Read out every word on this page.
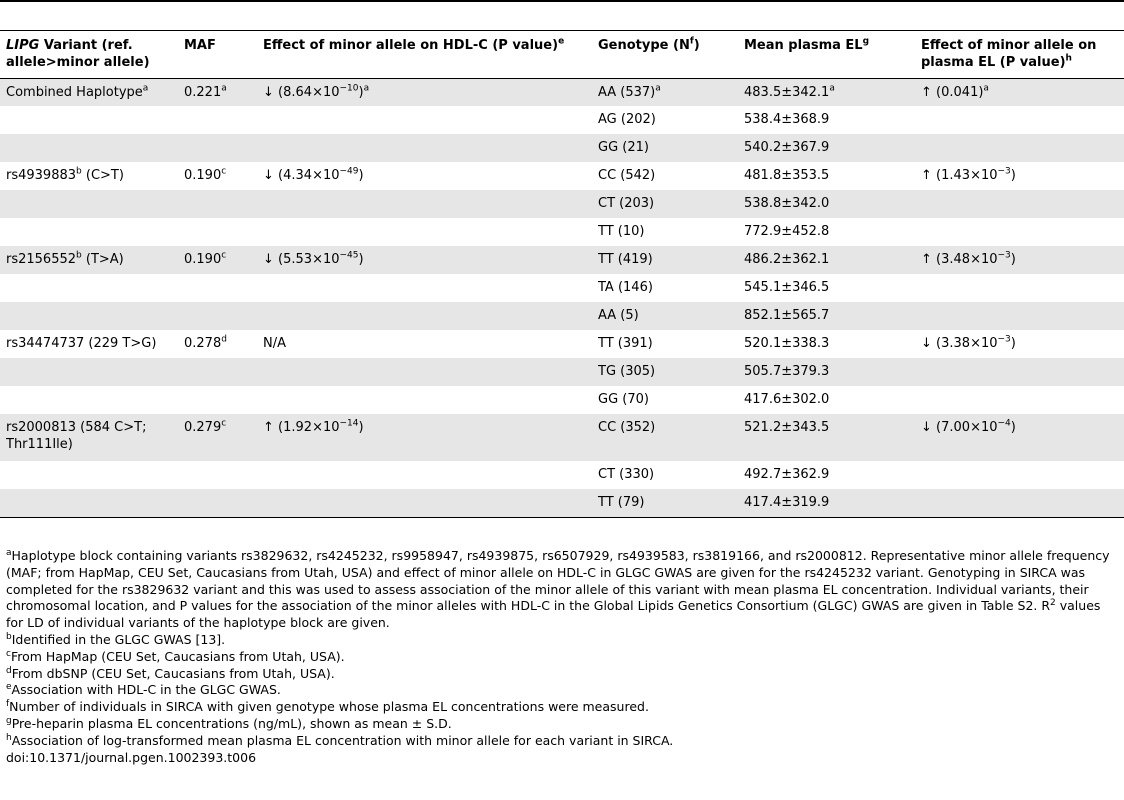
LIPG Variant (ref. allele>minor allele)	MAF	Effect of minor allele on HDL-C (P value)$^e$	Genotype $(N^f)$	Mean plasma $EL^g$	Effect of minor allele on plasma EL (P value)$^h$
Combined Haplotype$^a$	0.221$^a$	↓ $(8.64\times 10^{-10})^a$	AA $(537)^a$	483.5±342.1$^a$	↑ $(0.041)^a$
			AG (202)	538.4±368.9	
			GG (21)	540.2±367.9	
rs4939883$^b$ (C>T)	0.190$^c$	↓ $(4.34\times 10^{-49})$	CC (542)	481.8±353.5	↑ $(1.43\times 10^{-3})$
			CT (203)	538.8±342.0	
			TT (10)	772.9±452.8	
rs2156552$^b$ (T>A)	0.190$^c$	↓ $(5.53\times 10^{-45})$	TT (419)	486.2±362.1	↑ $(3.48\times 10^{-3})$
			TA (146)	545.1±346.5	
			AA (5)	852.1±565.7	
rs34474737 (229 T>G)	0.278$^d$	N/A	TT (391)	520.1±338.3	↓ $(3.38\times 10^{-3})$
			TG (305)	505.7±379.3	
			GG (70)	417.6±302.0	
rs2000813 (584 C>T; Thr111Ile)	0.279$^c$	↑ $(1.92\times 10^{-14})$	CC (352)	521.2±343.5	↓ $(7.00\times 10^{-4})$
			CT (330)	492.7±362.9	
			TT (79)	417.4±319.9	

$^a$Haplotype block containing variants rs3829632, rs4245232, rs9958947, rs4939875, rs6507929, rs4939583, rs3819166, and rs2000812. Representative minor allele frequency (MAF; from HapMap, CEU Set, Caucasians from Utah, USA) and effect of minor allele on HDL-C in GLGC GWAS are given for the rs4245232 variant. Genotyping in SIRCA was completed for the rs3829632 variant and this was used to assess association of the minor allele of this variant with mean plasma EL concentration. Individual variants, their chromosomal location, and P values for the association of the minor alleles with HDL-C in the Global Lipids Genetics Consortium (GLGC) GWAS are given in Table S2. $R^2$ values for LD of individual variants of the haplotype block are given.

$^b$Identified in the GLGC GWAS [13].

$^c$From HapMap (CEU Set, Caucasians from Utah, USA).

$^d$From dbSNP (CEU Set, Caucasians from Utah, USA).

$^e$Association with HDL-C in the GLGC GWAS.

$^f$Number of individuals in SIRCA with given genotype whose plasma EL concentrations were measured.

$^g$Pre-heparin plasma EL concentrations (ng/mL), shown as mean ± S.D.

$^h$Association of log-transformed mean plasma EL concentration with minor allele for each variant in SIRCA.

doi:10.1371/journal.pgen.1002393.t006
